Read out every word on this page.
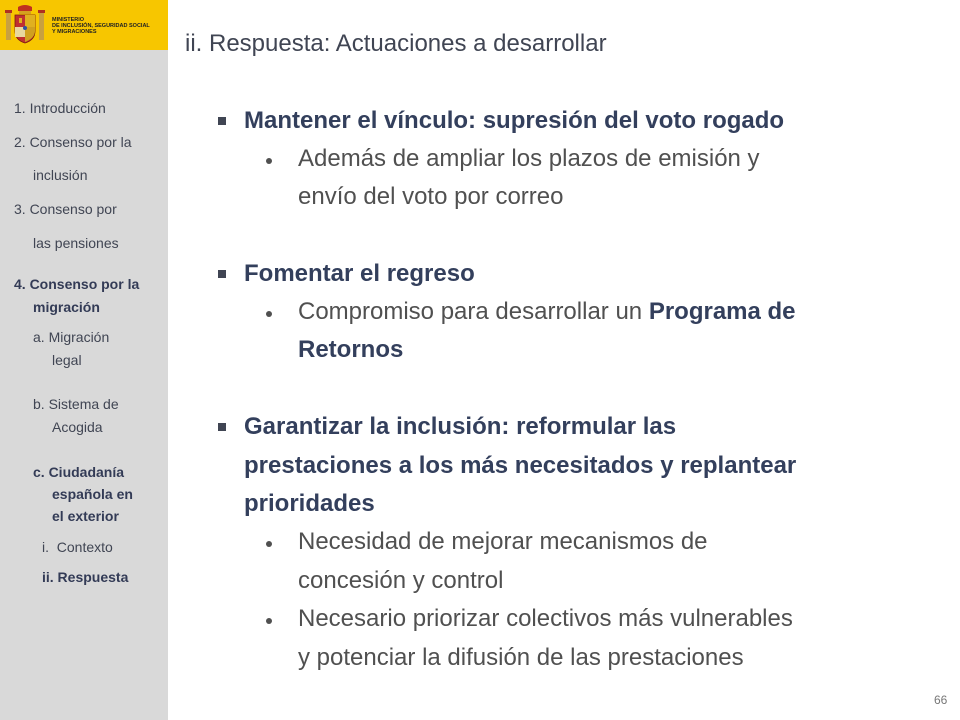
MINISTERIO
DE INCLUSIÓN, SEGURIDAD SOCIAL
Y MIGRACIONES
1. Introducción
2. Consenso por la
inclusión
3. Consenso por
las pensiones
4. Consenso por la
migración
a. Migración
legal
b. Sistema de
Acogida
c. Ciudadanía
española en
el exterior
i.  Contexto
ii. Respuesta
ii. Respuesta: Actuaciones a desarrollar
Mantener el vínculo: supresión del voto rogado
Además de ampliar los plazos de emisión y
envío del voto por correo
Fomentar el regreso
Compromiso para desarrollar un Programa de
Retornos
Garantizar la inclusión: reformular las
prestaciones a los más necesitados y replantear
prioridades
Necesidad de mejorar mecanismos de
concesión y control
Necesario priorizar colectivos más vulnerables
y potenciar la difusión de las prestaciones
66
